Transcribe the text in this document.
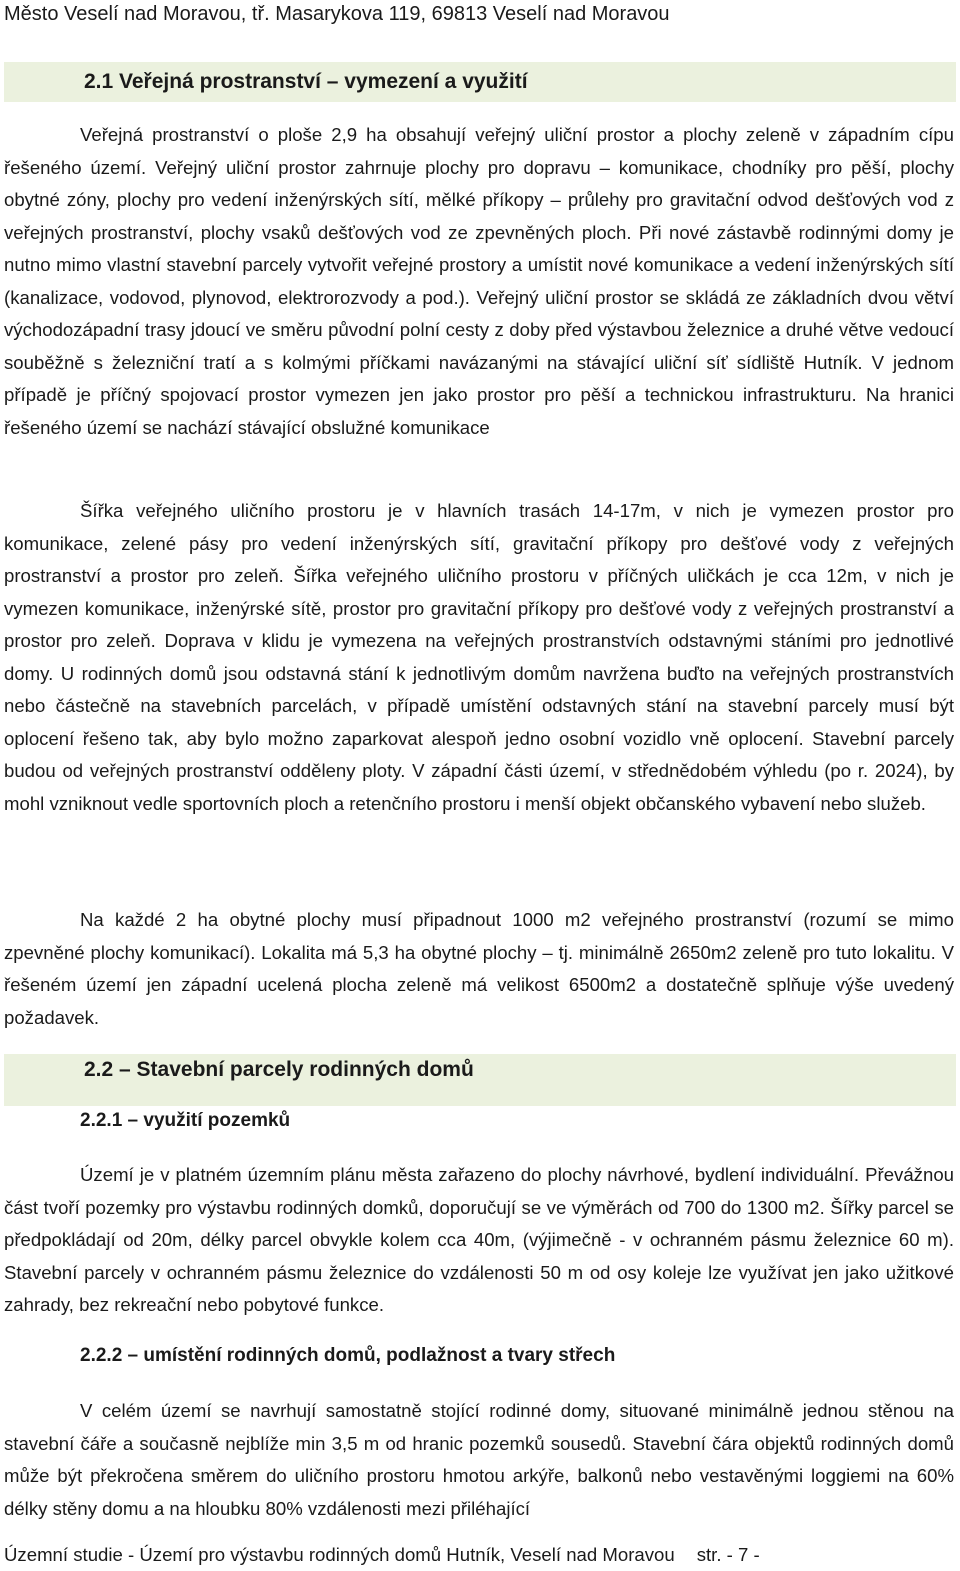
Město Veselí nad Moravou, tř. Masarykova 119, 69813 Veselí nad Moravou
2.1 Veřejná prostranství – vymezení a využití

Veřejná prostranství o ploše 2,9 ha obsahují veřejný uliční prostor a plochy zeleně v západním cípu řešeného území. Veřejný uliční prostor zahrnuje plochy pro dopravu – komunikace, chodníky pro pěší, plochy obytné zóny, plochy pro vedení inženýrských sítí, mělké příkopy – průlehy pro gravitační odvod dešťových vod z veřejných prostranství, plochy vsaků dešťových vod ze zpevněných ploch. Při nové zástavbě rodinnými domy je nutno mimo vlastní stavební parcely vytvořit veřejné prostory a umístit nové komunikace a vedení inženýrských sítí (kanalizace, vodovod, plynovod, elektrorozvody a pod.). Veřejný uliční prostor se skládá ze základních dvou větví východozápadní trasy jdoucí ve směru původní polní cesty z doby před výstavbou železnice a druhé větve vedoucí souběžně s železniční tratí a s kolmými příčkami navázanými na stávající uliční síť sídliště Hutník. V jednom případě je příčný spojovací prostor vymezen jen jako prostor pro pěší a technickou infrastrukturu. Na hranici řešeného území se nachází stávající obslužné komunikace

Šířka veřejného uličního prostoru je v hlavních trasách 14-17m, v nich je vymezen prostor pro komunikace, zelené pásy pro vedení inženýrských sítí, gravitační příkopy pro dešťové vody z veřejných prostranství a prostor pro zeleň. Šířka veřejného uličního prostoru v příčných uličkách je cca 12m, v nich je vymezen komunikace, inženýrské sítě, prostor pro gravitační příkopy pro dešťové vody z veřejných prostranství a prostor pro zeleň. Doprava v klidu je vymezena na veřejných prostranstvích odstavnými stáními pro jednotlivé domy. U rodinných domů jsou odstavná stání k jednotlivým domům navržena buďto na veřejných prostranstvích nebo částečně na stavebních parcelách, v případě umístění odstavných stání na stavební parcely musí být oplocení řešeno tak, aby bylo možno zaparkovat alespoň jedno osobní vozidlo vně oplocení. Stavební parcely budou od veřejných prostranství odděleny ploty. V západní části území, v střednědobém výhledu (po r. 2024), by mohl vzniknout vedle sportovních ploch a retenčního prostoru i menší objekt občanského vybavení nebo služeb.

Na každé 2 ha obytné plochy musí připadnout 1000 m2 veřejného prostranství (rozumí se mimo zpevněné plochy komunikací). Lokalita má 5,3 ha obytné plochy – tj. minimálně 2650m2 zeleně pro tuto lokalitu. V řešeném území jen západní ucelená plocha zeleně má velikost 6500m2 a dostatečně splňuje výše uvedený požadavek.

2.2 – Stavební parcely rodinných domů
2.2.1 – využití pozemků

Území je v platném územním plánu města zařazeno do plochy návrhové, bydlení individuální. Převážnou část tvoří pozemky pro výstavbu rodinných domků, doporučují se ve výměrách od 700 do 1300 m2. Šířky parcel se předpokládají od 20m, délky parcel obvykle kolem cca 40m, (výjimečně - v ochranném pásmu železnice 60 m). Stavební parcely v ochranném pásmu železnice do vzdálenosti 50 m od osy koleje lze využívat jen jako užitkové zahrady, bez rekreační nebo pobytové funkce.

2.2.2 – umístění rodinných domů, podlažnost a tvary střech

V celém území se navrhují samostatně stojící rodinné domy, situované minimálně jednou stěnou na stavební čáře a současně nejblíže min 3,5 m od hranic pozemků sousedů. Stavební čára objektů rodinných domů může být překročena směrem do uličního prostoru hmotou arkýře, balkonů nebo vestavěnými loggiemi na 60% délky stěny domu a na hloubku 80% vzdálenosti mezi přiléhající

Územní studie - Území pro výstavbu rodinných domů Hutník, Veselí nad Moravou str. - 7 -
